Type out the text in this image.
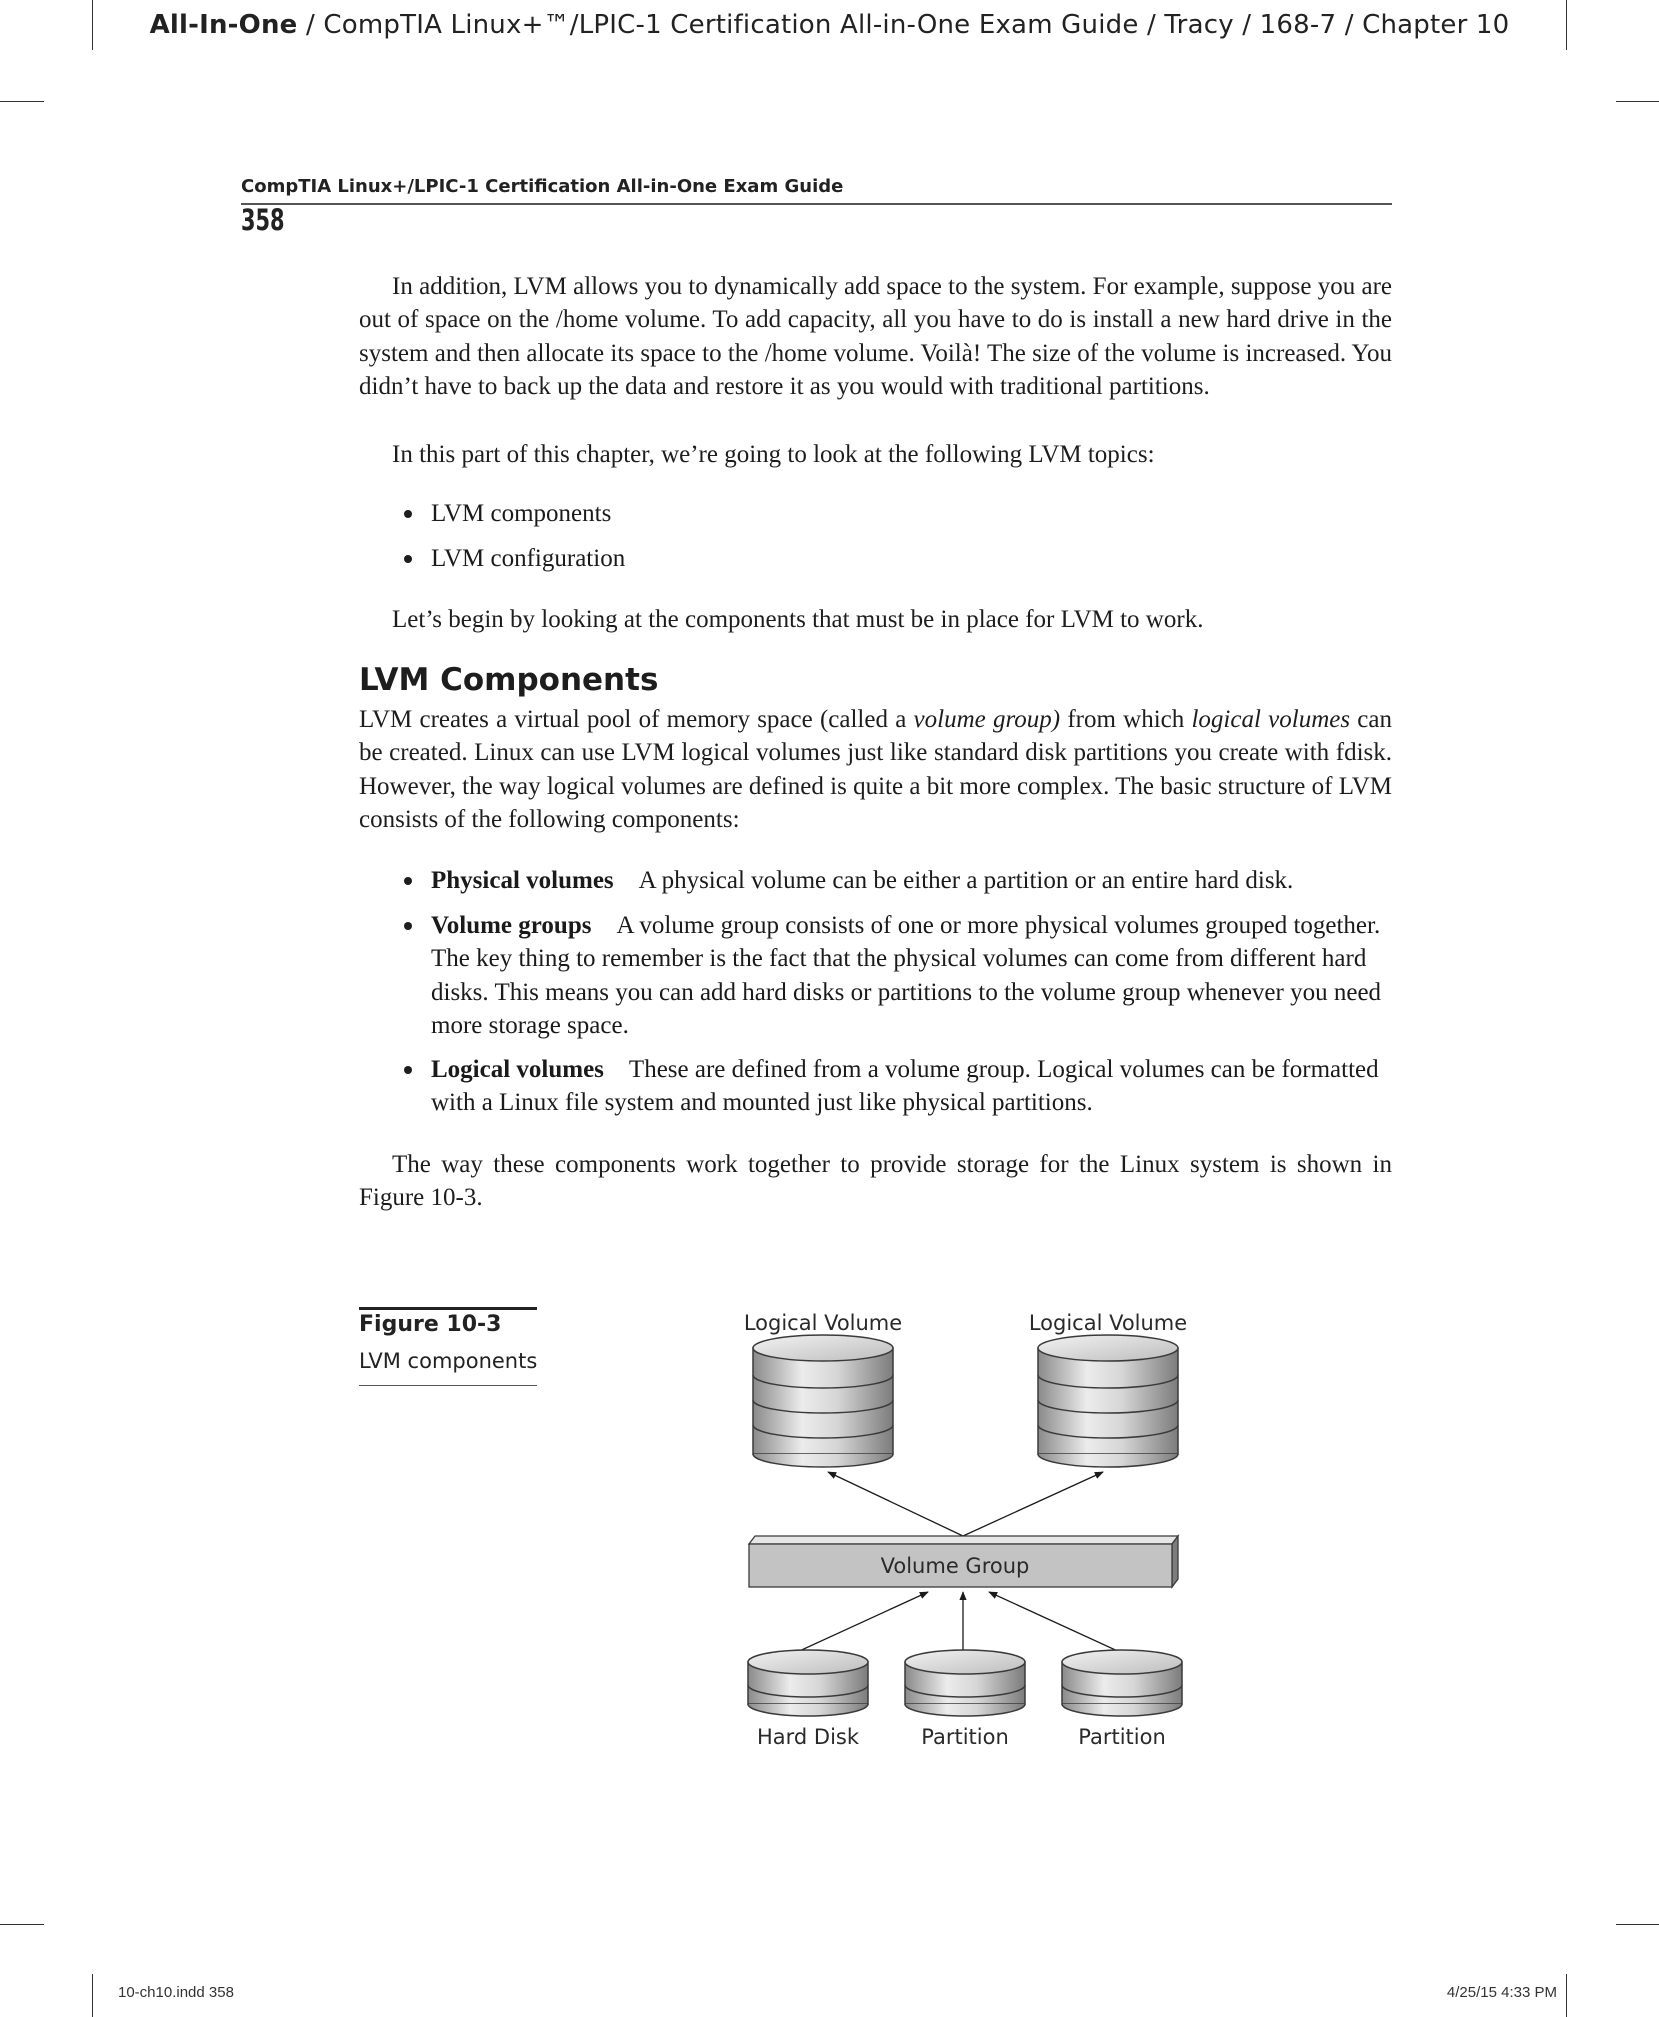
All-In-One / CompTIA Linux+™/LPIC-1 Certification All-in-One Exam Guide / Tracy / 168-7 / Chapter 10
CompTIA Linux+/LPIC-1 Certification All-in-One Exam Guide
358

In addition, LVM allows you to dynamically add space to the system. For example, suppose you are out of space on the /home volume. To add capacity, all you have to do is install a new hard drive in the system and then allocate its space to the /home volume. Voilà! The size of the volume is increased. You didn’t have to back up the data and restore it as you would with traditional partitions.

In this part of this chapter, we’re going to look at the following LVM topics:

LVM components
LVM configuration

Let’s begin by looking at the components that must be in place for LVM to work.

LVM Components

LVM creates a virtual pool of memory space (called a volume group) from which logical volumes can be created. Linux can use LVM logical volumes just like standard disk partitions you create with fdisk. However, the way logical volumes are defined is quite a bit more complex. The basic structure of LVM consists of the following components:

Physical volumes A physical volume can be either a partition or an entire hard disk.
Volume groups A volume group consists of one or more physical volumes grouped together. The key thing to remember is the fact that the physical volumes can come from different hard disks. This means you can add hard disks or partitions to the volume group whenever you need more storage space.
Logical volumes These are defined from a volume group. Logical volumes can be formatted with a Linux file system and mounted just like physical partitions.

The way these components work together to provide storage for the Linux system is shown in Figure 10-3.

Figure 10-3
LVM components
Logical Volume	Logical Volume
Volume Group
Hard Disk	Partition	Partition
10-ch10.indd 358	4/25/15 4:33 PM
